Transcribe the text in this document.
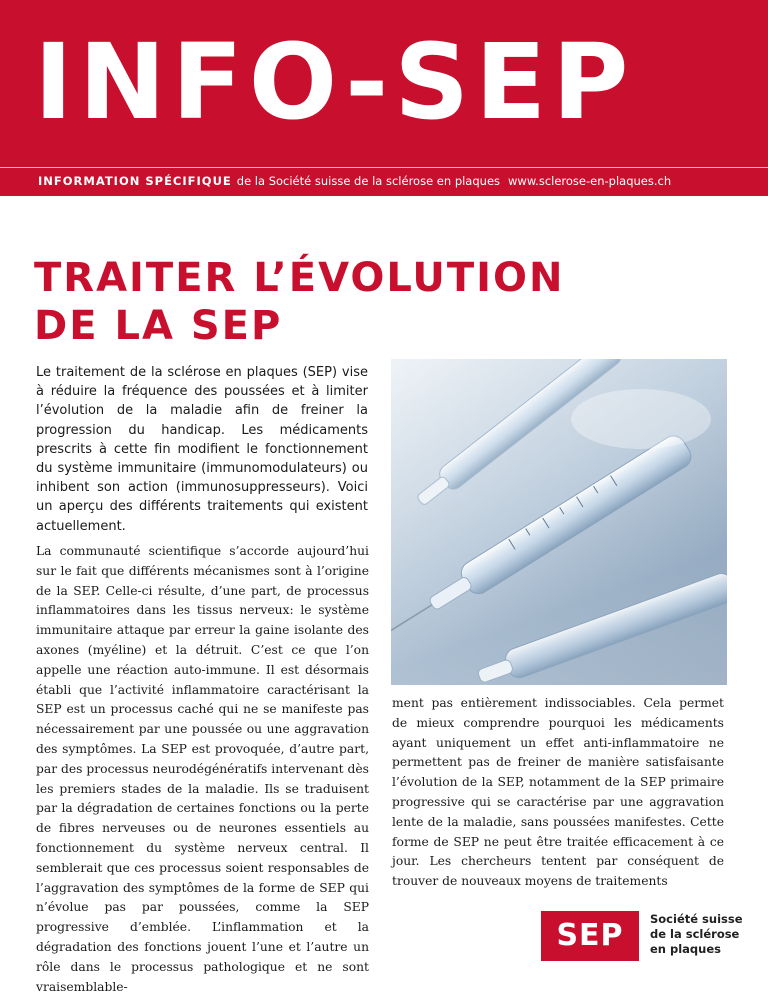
INFO-SEP
INFORMATION SPÉCIFIQUE de la Société suisse de la sclérose en plaques www.sclerose-en-plaques.ch
TRAITER L’ÉVOLUTION
DE LA SEP

Le traitement de la sclérose en plaques (SEP) vise à réduire la fréquence des poussées et à limiter l’évolution de la maladie afin de freiner la progression du handicap. Les médicaments prescrits à cette fin modifient le fonctionnement du système immunitaire (immunomodulateurs) ou inhibent son action (immunosuppresseurs). Voici un aperçu des différents traitements qui existent actuellement.

La communauté scientifique s’accorde aujourd’hui sur le fait que différents mécanismes sont à l’origine de la SEP. Celle-ci résulte, d’une part, de processus inflammatoires dans les tissus nerveux: le système immunitaire attaque par erreur la gaine isolante des axones (myéline) et la détruit. C’est ce que l’on appelle une réaction auto-immune. Il est désormais établi que l’activité inflammatoire caractérisant la SEP est un processus caché qui ne se manifeste pas nécessairement par une poussée ou une aggravation des symptômes. La SEP est provoquée, d’autre part, par des processus neurodégénératifs intervenant dès les premiers stades de la maladie. Ils se traduisent par la dégradation de certaines fonctions ou la perte de fibres nerveuses ou de neurones essentiels au fonctionnement du système nerveux central. Il semblerait que ces processus soient responsables de l’aggravation des symptômes de la forme de SEP qui n’évolue pas par poussées, comme la SEP progressive d’emblée. L’inflammation et la dégradation des fonctions jouent l’une et l’autre un rôle dans le processus pathologique et ne sont vraisemblable-

ment pas entièrement indissociables. Cela permet de mieux comprendre pourquoi les médicaments ayant uniquement un effet anti-inflammatoire ne permettent pas de freiner de manière satisfaisante l’évolution de la SEP, notamment de la SEP primaire progressive qui se caractérise par une aggravation lente de la maladie, sans poussées manifestes. Cette forme de SEP ne peut être traitée efficacement à ce jour. Les chercheurs tentent par conséquent de trouver de nouveaux moyens de traitements

SEP	Société suisse
de la sclérose
en plaques
